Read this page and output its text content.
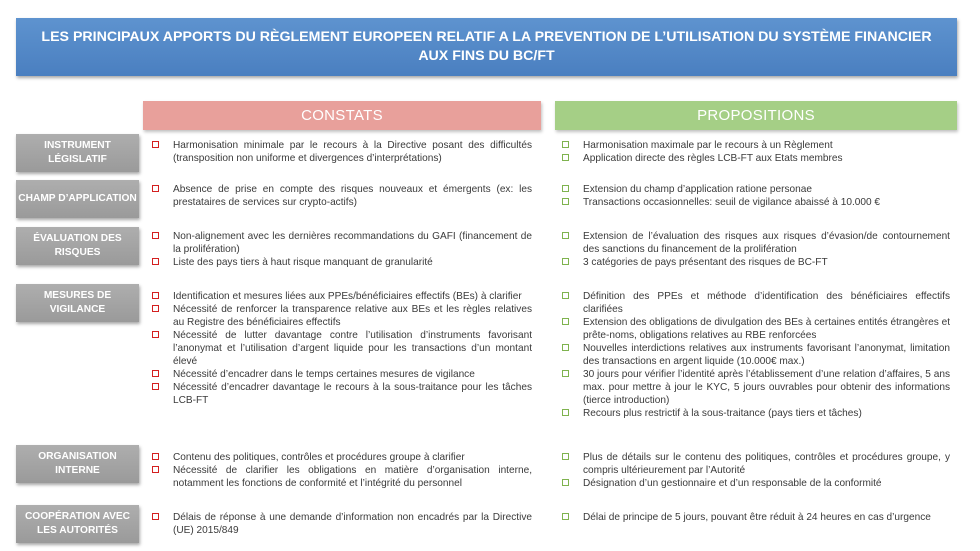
LES PRINCIPAUX APPORTS DU RÈGLEMENT EUROPEEN RELATIF A LA PREVENTION DE L’UTILISATION DU SYSTÈME FINANCIER AUX FINS DU BC/FT
CONSTATS	PROPOSITIONS
INSTRUMENT LÉGISLATIF
Harmonisation minimale par le recours à la Directive posant des difficultés (transposition non uniforme et divergences d’interprétations)
Harmonisation maximale par le recours à un Règlement
Application directe des règles LCB-FT aux Etats membres
CHAMP D’APPLICATION
Absence de prise en compte des risques nouveaux et émergents (ex: les prestataires de services sur crypto-actifs)
Extension du champ d’application ratione personae
Transactions occasionnelles: seuil de vigilance abaissé à 10.000 €
ÉVALUATION DES RISQUES
Non-alignement avec les dernières recommandations du GAFI (financement de la prolifération)
Liste des pays tiers à haut risque manquant de granularité
Extension de l’évaluation des risques aux risques d’évasion/de contournement des sanctions du financement de la prolifération
3 catégories de pays présentant des risques de BC-FT
MESURES DE VIGILANCE
Identification et mesures liées aux PPEs/bénéficiaires effectifs (BEs) à clarifier
Nécessité de renforcer la transparence relative aux BEs et les règles relatives au Registre des bénéficiaires effectifs
Nécessité de lutter davantage contre l’utilisation d’instruments favorisant l’anonymat et l’utilisation d’argent liquide pour les transactions d’un montant élevé
Nécessité d’encadrer dans le temps certaines mesures de vigilance
Nécessité d’encadrer davantage le recours à la sous-traitance pour les tâches LCB-FT
Définition des PPEs et méthode d’identification des bénéficiaires effectifs clarifiées
Extension des obligations de divulgation des BEs à certaines entités étrangères et prête-noms, obligations relatives au RBE renforcées
Nouvelles interdictions relatives aux instruments favorisant l’anonymat, limitation des transactions en argent liquide (10.000€ max.)
30 jours pour vérifier l’identité après l’établissement d’une relation d’affaires, 5 ans max. pour mettre à jour le KYC, 5 jours ouvrables pour obtenir des informations (tierce introduction)
Recours plus restrictif à la sous-traitance (pays tiers et tâches)
ORGANISATION INTERNE
Contenu des politiques, contrôles et procédures groupe à clarifier
Nécessité de clarifier les obligations en matière d’organisation interne, notamment les fonctions de conformité et l’intégrité du personnel
Plus de détails sur le contenu des politiques, contrôles et procédures groupe, y compris ultérieurement par l’Autorité
Désignation d’un gestionnaire et d’un responsable de la conformité
COOPÉRATION AVEC LES AUTORITÉS
Délais de réponse à une demande d’information non encadrés par la Directive (UE) 2015/849
Délai de principe de 5 jours, pouvant être réduit à 24 heures en cas d’urgence
